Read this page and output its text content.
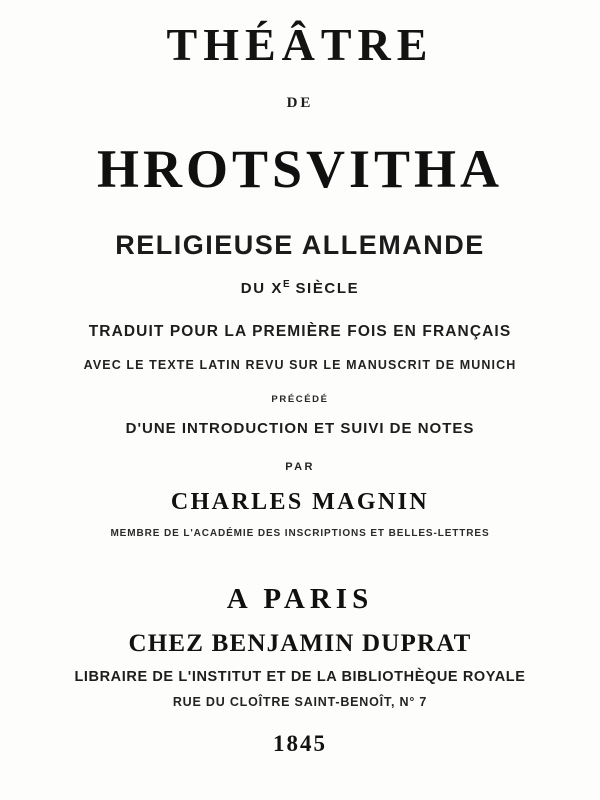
THÉÂTRE
DE
HROTSVITHA
RELIGIEUSE ALLEMANDE
DU $X^E$ SIÈCLE
TRADUIT POUR LA PREMIÈRE FOIS EN FRANÇAIS
AVEC LE TEXTE LATIN REVU SUR LE MANUSCRIT DE MUNICH
PRÉCÉDÉ
D'UNE INTRODUCTION ET SUIVI DE NOTES
PAR
CHARLES MAGNIN
MEMBRE DE L'ACADÉMIE DES INSCRIPTIONS ET BELLES-LETTRES
A PARIS
CHEZ BENJAMIN DUPRAT
LIBRAIRE DE L'INSTITUT ET DE LA BIBLIOTHÈQUE ROYALE
RUE DU CLOÎTRE SAINT-BENOÎT, N° 7
1845
